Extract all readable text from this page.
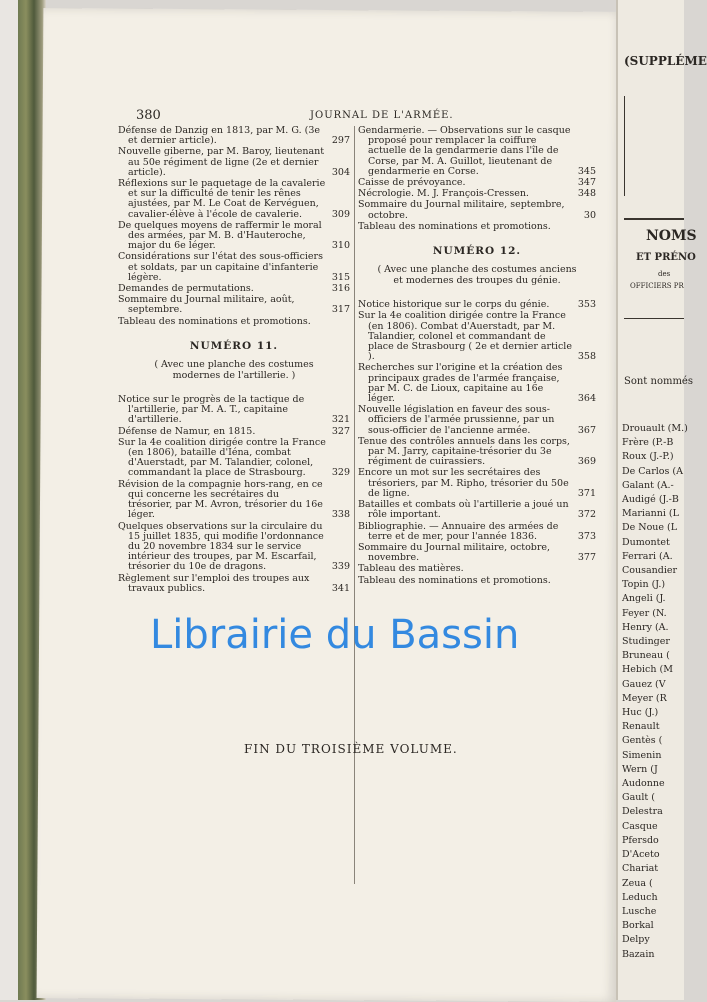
380	JOURNAL DE L'ARMÉE.
Défense de Danzig en 1813, par M. G. (3e et dernier article).	297
Nouvelle giberne, par M. Baroy, lieutenant au 50e régiment de ligne (2e et dernier article).	304
Réflexions sur le paquetage de la cavalerie et sur la difficulté de tenir les rênes ajustées, par M. Le Coat de Kervéguen, cavalier-élève à l'école de cavalerie.	309
De quelques moyens de raffermir le moral des armées, par M. B. d'Hauteroche, major du 6e léger.	310
Considérations sur l'état des sous-officiers et soldats, par un capitaine d'infanterie légère.	315
Demandes de permutations.	316
Sommaire du Journal militaire, août, septembre.	317
Tableau des nominations et promotions.
NUMÉRO 11.
( Avec une planche des costumes modernes de l'artillerie. )
Notice sur le progrès de la tactique de l'artillerie, par M. A. T., capitaine d'artillerie.	321
Défense de Namur, en 1815.	327
Sur la 4e coalition dirigée contre la France (en 1806), bataille d'Iéna, combat d'Auerstadt, par M. Talandier, colonel, commandant la place de Strasbourg.	329
Révision de la compagnie hors-rang, en ce qui concerne les secrétaires du trésorier, par M. Avron, trésorier du 16e léger.	338
Quelques observations sur la circulaire du 15 juillet 1835, qui modifie l'ordonnance du 20 novembre 1834 sur le service intérieur des troupes, par M. Escarfail, trésorier du 10e de dragons.	339
Règlement sur l'emploi des troupes aux travaux publics.	341
Gendarmerie. — Observations sur le casque proposé pour remplacer la coiffure actuelle de la gendarmerie dans l'île de Corse, par M. A. Guillot, lieutenant de gendarmerie en Corse.	345
Caisse de prévoyance.	347
Nécrologie. M. J. François-Cressen.	348
Sommaire du Journal militaire, septembre, octobre.	30
Tableau des nominations et promotions.
NUMÉRO 12.
( Avec une planche des costumes anciens et modernes des troupes du génie.
Notice historique sur le corps du génie.	353
Sur la 4e coalition dirigée contre la France (en 1806). Combat d'Auerstadt, par M. Talandier, colonel et commandant de place de Strasbourg ( 2e et dernier article ).	358
Recherches sur l'origine et la création des principaux grades de l'armée française, par M. C. de Lioux, capitaine au 16e léger.	364
Nouvelle législation en faveur des sous-officiers de l'armée prussienne, par un sous-officier de l'ancienne armée.	367
Tenue des contrôles annuels dans les corps, par M. Jarry, capitaine-trésorier du 3e régiment de cuirassiers.	369
Encore un mot sur les secrétaires des trésoriers, par M. Ripho, trésorier du 50e de ligne.	371
Batailles et combats où l'artillerie a joué un rôle important.	372
Bibliographie. — Annuaire des armées de terre et de mer, pour l'année 1836.	373
Sommaire du Journal militaire, octobre, novembre.	377
Tableau des matières.
Tableau des nominations et promotions.
FIN DU TROISIÈME VOLUME.
Librairie du Bassin
(SUPPLÉME
NOMS
ET PRÉNO
des
OFFICIERS PR
Sont nommés
Drouault (M.)
Frère (P.-B
Roux (J.-P.)
De Carlos (A
Galant (A.-
Audigé (J.-B
Marianni (L
De Noue (L
Dumontet
Ferrari (A.
Cousandier
Topin (J.)
Angeli (J.
Feyer (N.
Henry (A.
Studinger
Bruneau (
Hebich (M
Gauez (V
Meyer (R
Huc (J.)
Renault
Gentès (
Simenin
Wern (J
Audonne
Gault (
Delestra
Casque
Pfersdo
D'Aceto
Chariat
Zeua (
Leduch
Lusche
Borkal
Delpy
Bazain
